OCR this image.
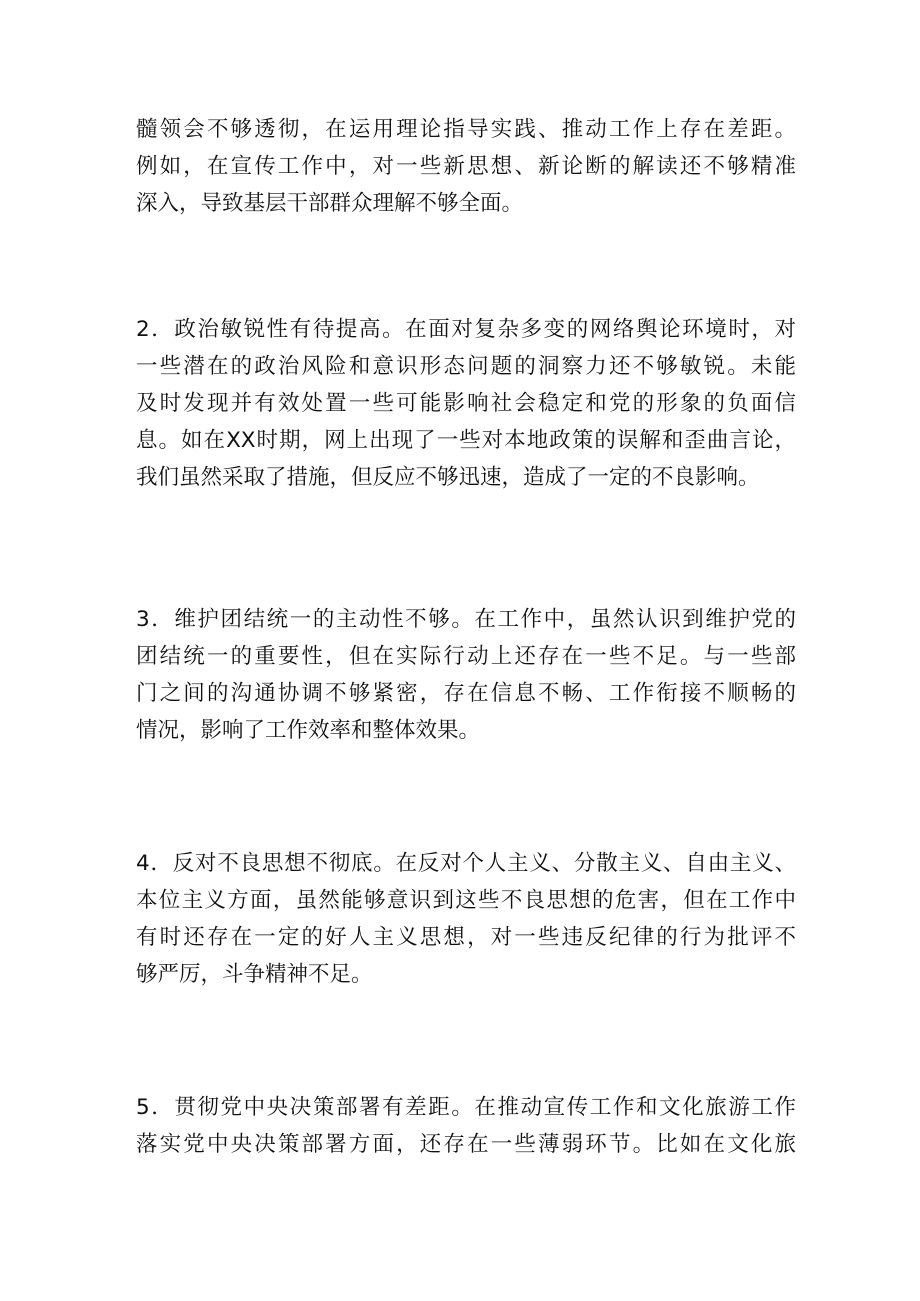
髓领会不够透彻，在运用理论指导实践、推动工作上存在差距。
例如，在宣传工作中，对一些新思想、新论断的解读还不够精准
深入，导致基层干部群众理解不够全面。
2．政治敏锐性有待提高。在面对复杂多变的网络舆论环境时，对
一些潜在的政治风险和意识形态问题的洞察力还不够敏锐。未能
及时发现并有效处置一些可能影响社会稳定和党的形象的负面信
息。如在XX时期，网上出现了一些对本地政策的误解和歪曲言论，
我们虽然采取了措施，但反应不够迅速，造成了一定的不良影响。
3．维护团结统一的主动性不够。在工作中，虽然认识到维护党的
团结统一的重要性，但在实际行动上还存在一些不足。与一些部
门之间的沟通协调不够紧密，存在信息不畅、工作衔接不顺畅的
情况，影响了工作效率和整体效果。
4．反对不良思想不彻底。在反对个人主义、分散主义、自由主义、
本位主义方面，虽然能够意识到这些不良思想的危害，但在工作中
有时还存在一定的好人主义思想，对一些违反纪律的行为批评不
够严厉，斗争精神不足。
5．贯彻党中央决策部署有差距。在推动宣传工作和文化旅游工作
落实党中央决策部署方面，还存在一些薄弱环节。比如在文化旅
